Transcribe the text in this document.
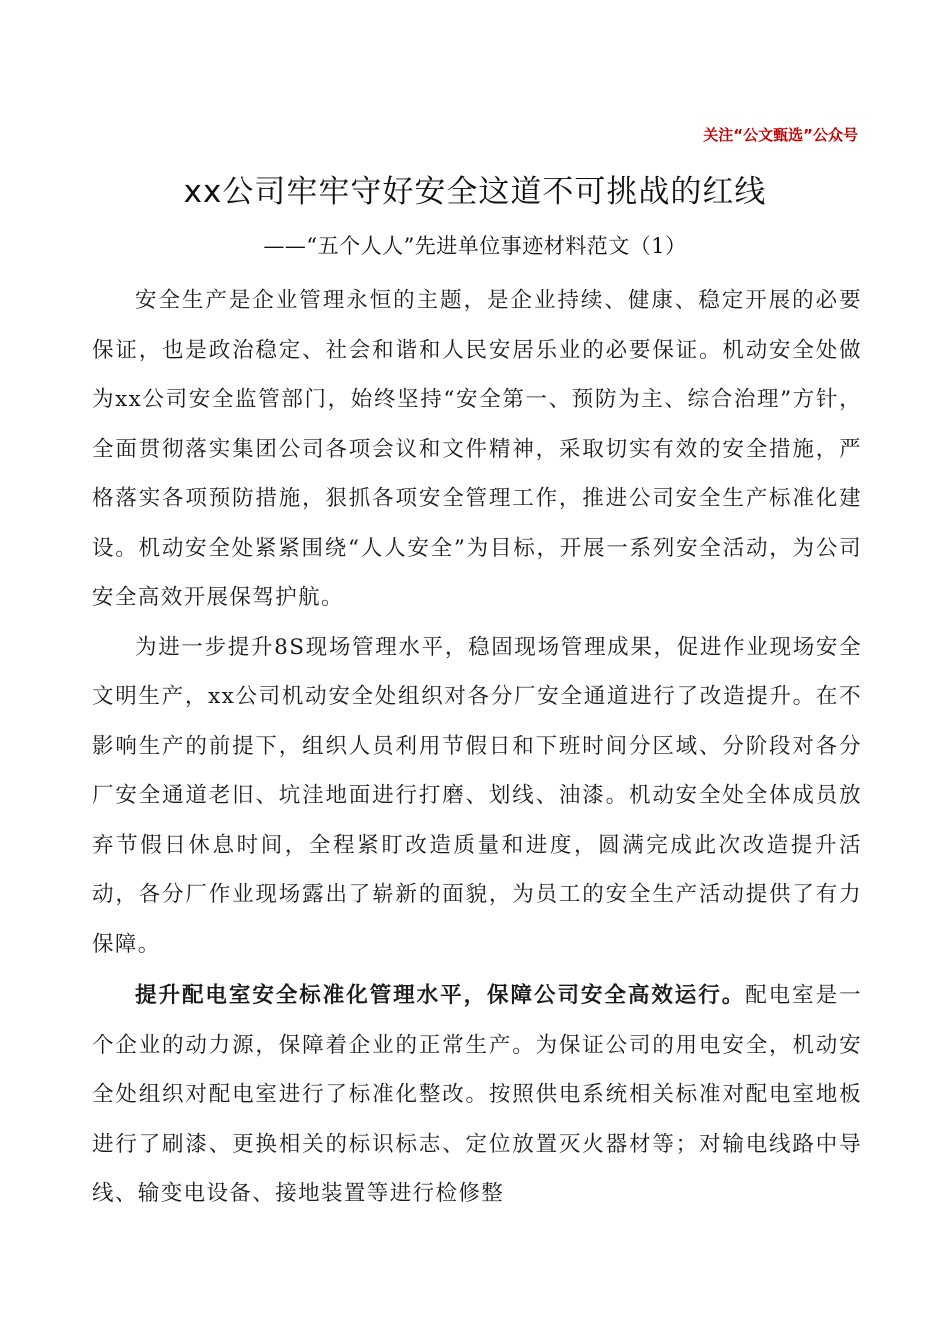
关注“公文甄选”公众号
xx公司牢牢守好安全这道不可挑战的红线
——“五个人人”先进单位事迹材料范文（1）

安全生产是企业管理永恒的主题，是企业持续、健康、稳定开展的必要保证，也是政治稳定、社会和谐和人民安居乐业的必要保证。机动安全处做为xx公司安全监管部门，始终坚持“安全第一、预防为主、综合治理”方针，全面贯彻落实集团公司各项会议和文件精神，采取切实有效的安全措施，严格落实各项预防措施，狠抓各项安全管理工作，推进公司安全生产标准化建设。机动安全处紧紧围绕“人人安全”为目标，开展一系列安全活动，为公司安全高效开展保驾护航。

为进一步提升8S现场管理水平，稳固现场管理成果，促进作业现场安全文明生产，xx公司机动安全处组织对各分厂安全通道进行了改造提升。在不影响生产的前提下，组织人员利用节假日和下班时间分区域、分阶段对各分厂安全通道老旧、坑洼地面进行打磨、划线、油漆。机动安全处全体成员放弃节假日休息时间，全程紧盯改造质量和进度，圆满完成此次改造提升活动，各分厂作业现场露出了崭新的面貌，为员工的安全生产活动提供了有力保障。

提升配电室安全标准化管理水平，保障公司安全高效运行。配电室是一个企业的动力源，保障着企业的正常生产。为保证公司的用电安全，机动安全处组织对配电室进行了标准化整改。按照供电系统相关标准对配电室地板进行了刷漆、更换相关的标识标志、定位放置灭火器材等；对输电线路中导线、输变电设备、接地装置等进行检修整
